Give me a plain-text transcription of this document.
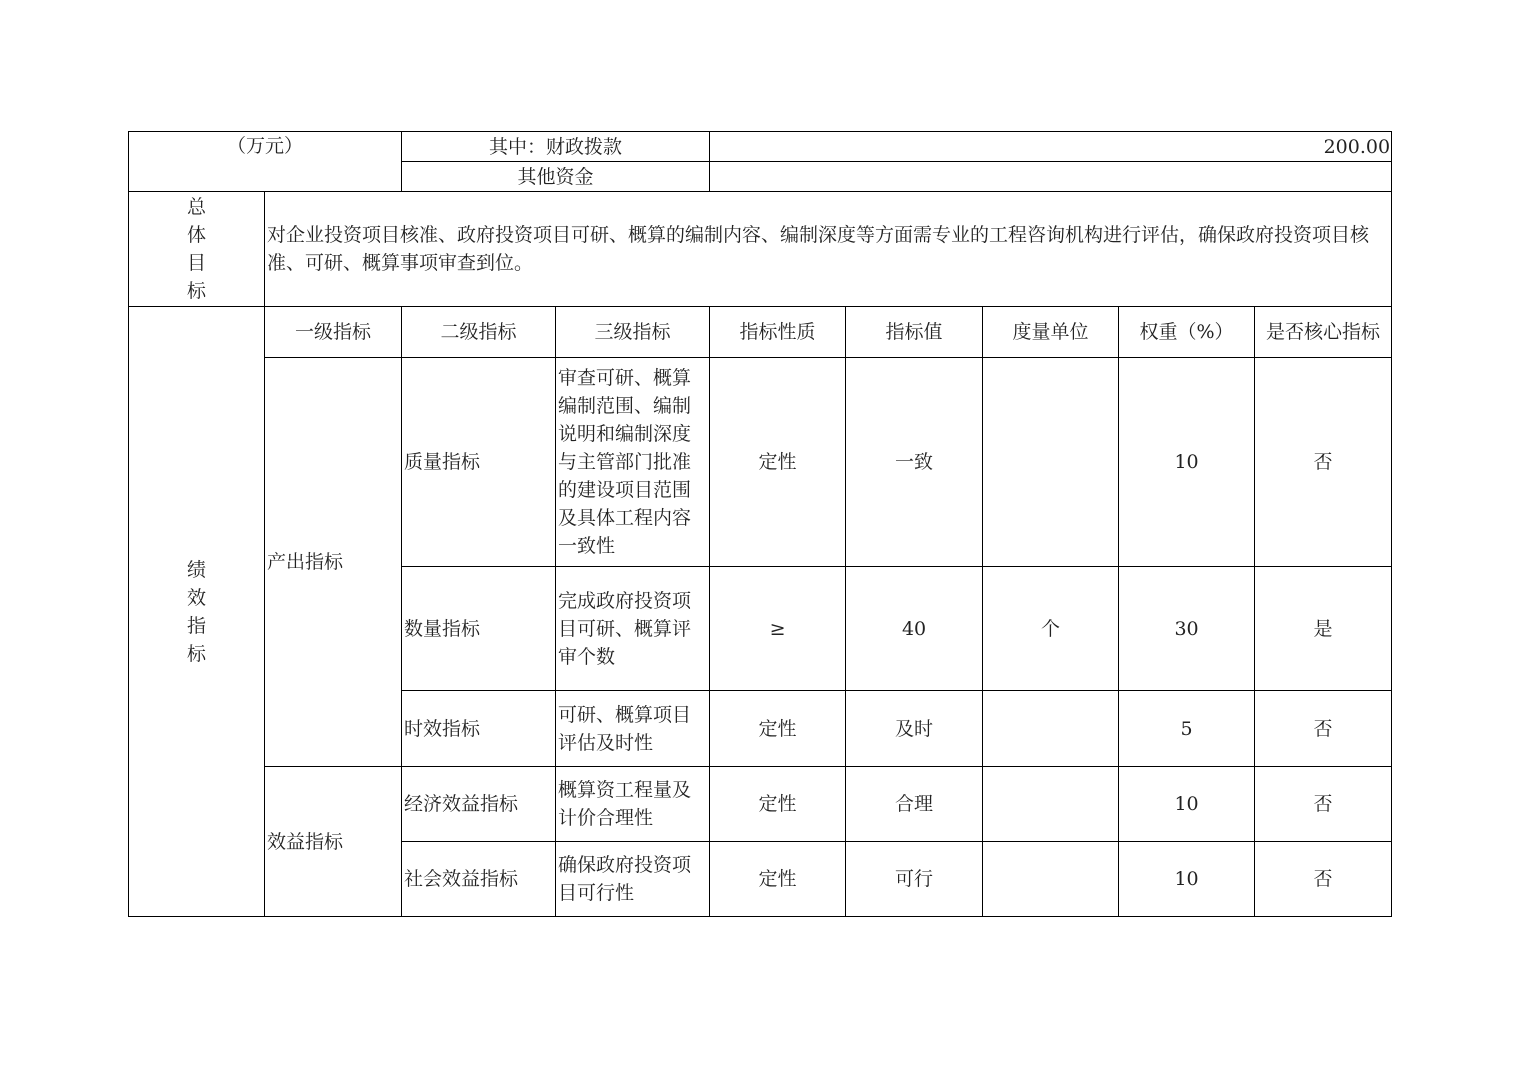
（万元）		其中：财政拨款		200.00				
		其他资金						

总
体
目
标	对企业投资项目核准、政府投资项目可研、概算的编制内容、编制深度等方面需专业的工程咨询机构进行评估，确保政府投资项目核准、可研、概算事项审查到位。							

绩
效
指
标	一级指标	二级指标	三级指标	指标性质	指标值	度量单位	权重（%）	是否核心指标
	产出指标	质量指标	审查可研、概算编制范围、编制说明和编制深度与主管部门批准的建设项目范围及具体工程内容一致性	定性	一致		10	否
		数量指标	完成政府投资项目可研、概算评审个数	≥	40	个	30	是
		时效指标	可研、概算项目评估及时性	定性	及时		5	否
	效益指标	经济效益指标	概算资工程量及计价合理性	定性	合理		10	否
		社会效益指标	确保政府投资项目可行性	定性	可行		10	否
